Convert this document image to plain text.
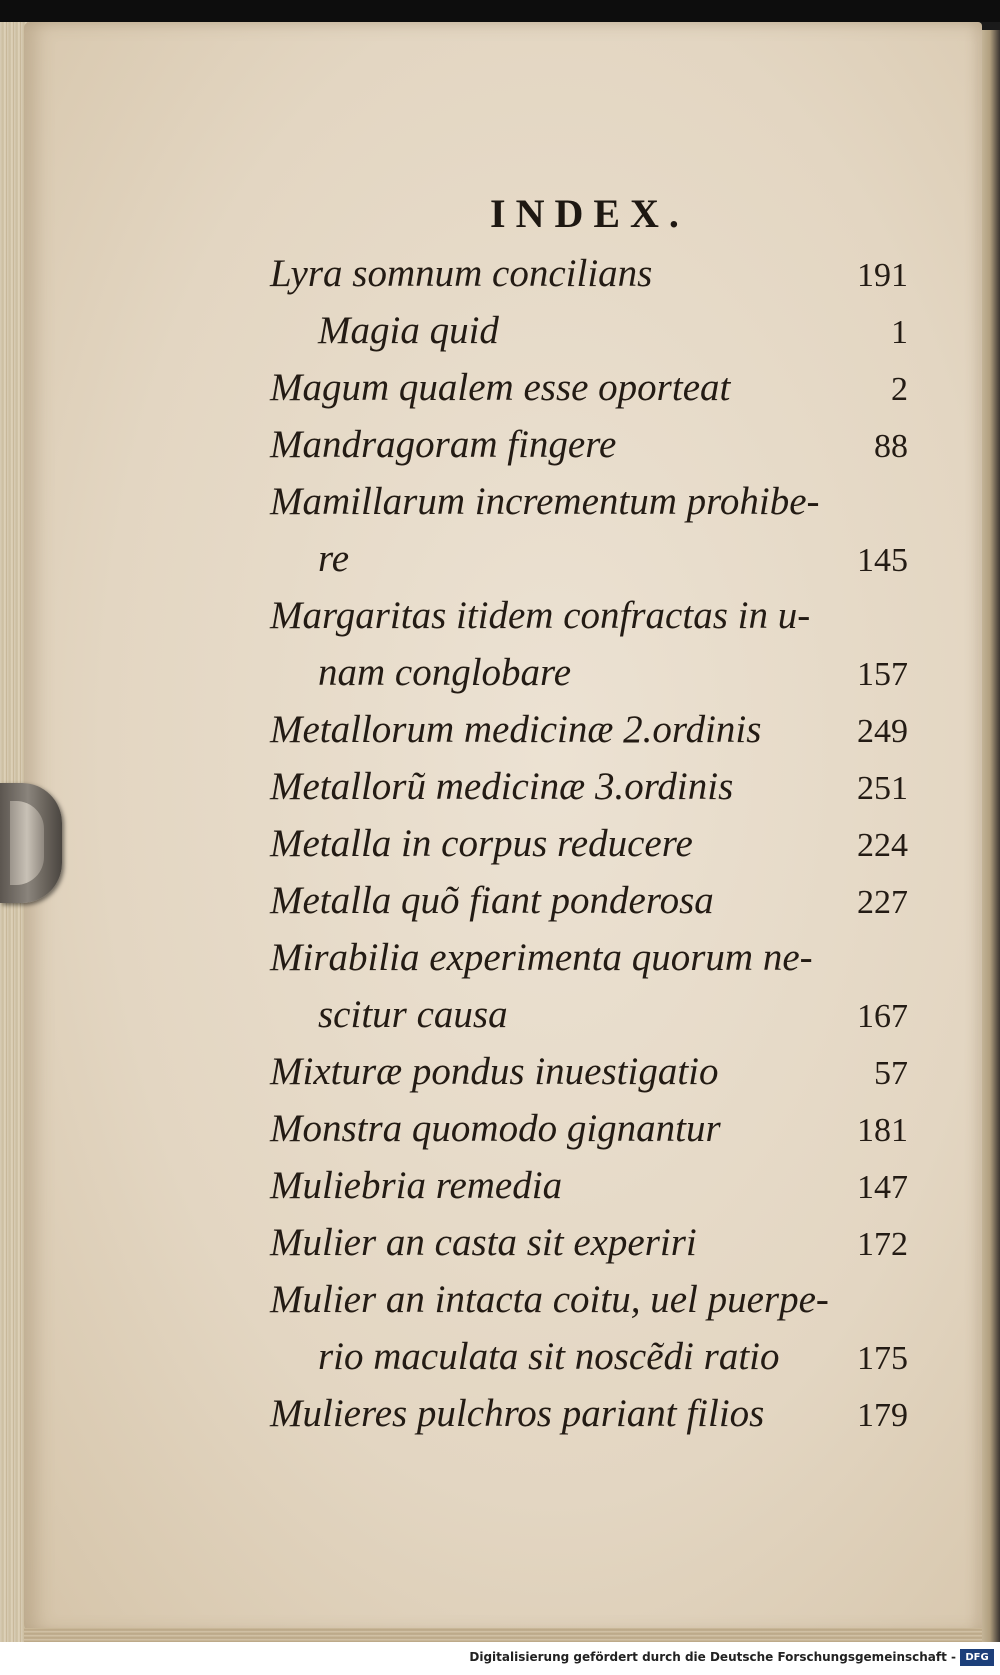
INDEX.
Lyra somnum concilians	191
Magia quid	1
Magum qualem esse oporteat	2
Mandragoram fingere	88
Mamillarum incrementum prohibe-
re	145
Margaritas itidem confractas in u-
nam conglobare	157
Metallorum medicinæ 2.ordinis	249
Metallorũ medicinæ 3.ordinis	251
Metalla in corpus reducere	224
Metalla quõ fiant ponderosa	227
Mirabilia experimenta quorum ne-
scitur causa	167
Mixturæ pondus inuestigatio	57
Monstra quomodo gignantur	181
Muliebria remedia	147
Mulier an casta sit experiri	172
Mulier an intacta coitu, uel puerpe-
rio maculata sit noscẽdi ratio 175
Mulieres pulchros pariant filios	179
Digitalisierung gefördert durch die Deutsche Forschungsgemeinschaft - DFG
